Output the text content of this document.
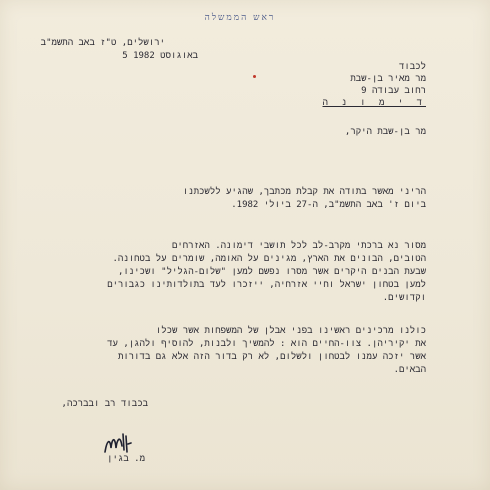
ראש הממשלה
ירושלים, ט"ז באב התשמ"ב
5 באוגוסט 1982
לכבוד
מר מאיר בן-שבת
רחוב עבודה 9
ד י מ ו נ ה
מר בן-שבת היקר,
הריני מאשר בתודה את קבלת מכתבך, שהגיע ללשכתנו
ביום ז' באב התשמ"ב, ה-27 ביולי 1982.
מסור נא ברכתי מקרב-לב לכל תושבי דימונה. האזרחים
הטובים, הבונים את הארץ, מגינים על האומה, שומרים על בטחונה.
שבעת הבנים היקרים אשר מסרו נפשם למען "שלום-הגליל" ושכינו,
למען בטחון ישראל וחיי אזרחיה, ייזכרו לעד בתולדותינו כגבורים
וקדושים.
כולנו מרכינים ראשינו בפני אבלן של המשפחות אשר שכלו
את יקיריהן. צוו-החיים הוא : להמשיך ולבנות, להוסיף ולהגן, עד
אשר יזכה עמנו לבטחון ולשלום, לא רק בדור הזה אלא גם בדורות
הבאים.
בכבוד רב ובברכה,
מ. בגין
